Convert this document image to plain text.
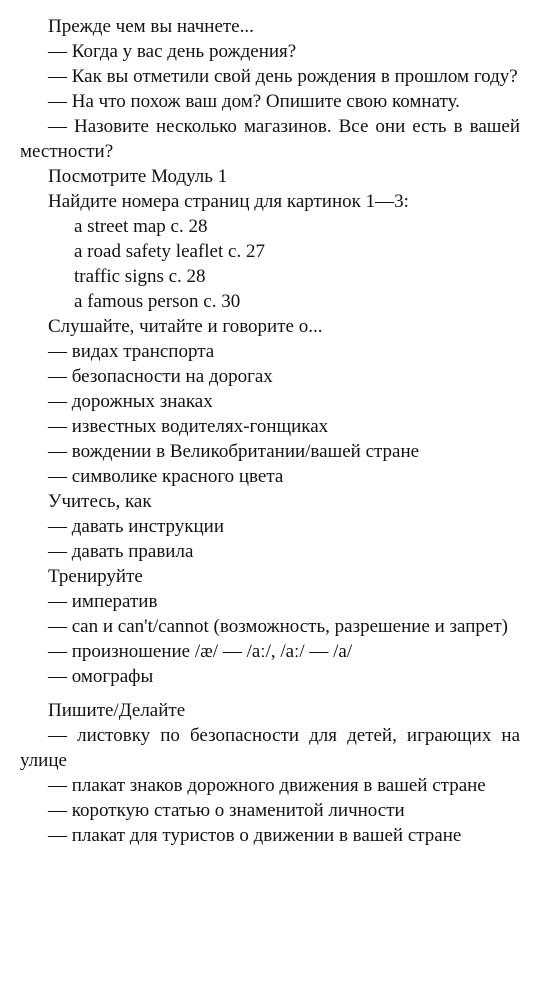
Прежде чем вы начнете...

— Когда у вас день рождения?

— Как вы отметили свой день рождения в прошлом году?

— На что похож ваш дом? Опишите свою комнату.

— Назовите несколько магазинов. Все они есть в вашей местности?

Посмотрите Модуль 1

Найдите номера страниц для картинок 1—3:

a street map с. 28

a road safety leaflet с. 27

traffic signs с. 28

a famous person с. 30

Слушайте, читайте и говорите о...

— видах транспорта

— безопасности на дорогах

— дорожных знаках

— известных водителях-гонщиках

— вождении в Великобритании/вашей стране

— символике красного цвета

Учитесь, как

— давать инструкции

— давать правила

Тренируйте

— императив

— can и can't/cannot (возможность, разрешение и запрет)

— произношение /æ/ — /aː/, /aː/ — /a/

— омографы

Пишите/Делайте

— листовку по безопасности для детей, играющих на улице

— плакат знаков дорожного движения в вашей стране

— короткую статью о знаменитой личности

— плакат для туристов о движении в вашей стране
